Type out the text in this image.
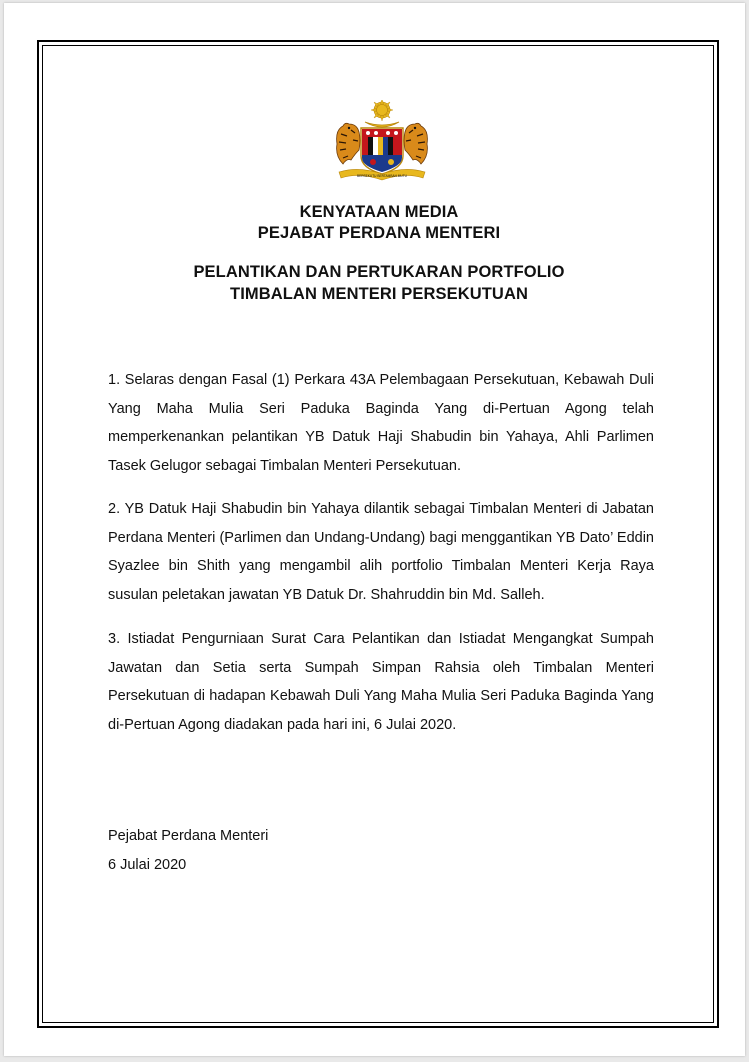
BERSEKUTU BERTAMBAH MUTU
KENYATAAN MEDIA
PEJABAT PERDANA MENTERI
PELANTIKAN DAN PERTUKARAN PORTFOLIO
TIMBALAN MENTERI PERSEKUTUAN
1. Selaras dengan Fasal (1) Perkara 43A Pelembagaan Persekutuan, Kebawah Duli Yang Maha Mulia Seri Paduka Baginda Yang di-Pertuan Agong telah memperkenankan pelantikan YB Datuk Haji Shabudin bin Yahaya, Ahli Parlimen Tasek Gelugor sebagai Timbalan Menteri Persekutuan.
2. YB Datuk Haji Shabudin bin Yahaya dilantik sebagai Timbalan Menteri di Jabatan Perdana Menteri (Parlimen dan Undang-Undang) bagi menggantikan YB Dato’ Eddin Syazlee bin Shith yang mengambil alih portfolio Timbalan Menteri Kerja Raya susulan peletakan jawatan YB Datuk Dr. Shahruddin bin Md. Salleh.
3. Istiadat Pengurniaan Surat Cara Pelantikan dan Istiadat Mengangkat Sumpah Jawatan dan Setia serta Sumpah Simpan Rahsia oleh Timbalan Menteri Persekutuan di hadapan Kebawah Duli Yang Maha Mulia Seri Paduka Baginda Yang di-Pertuan Agong diadakan pada hari ini, 6 Julai 2020.
Pejabat Perdana Menteri
6 Julai 2020
